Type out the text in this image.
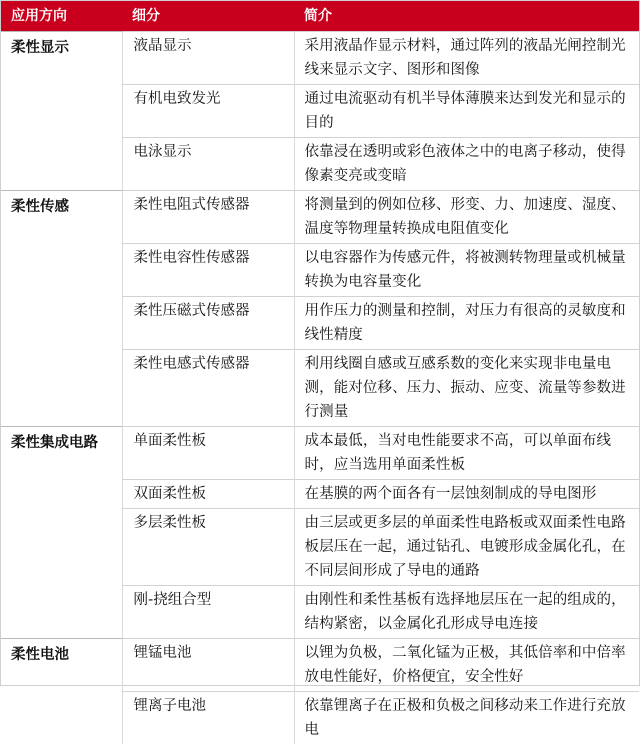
应用方向	细分	简介
柔性显示	液晶显示	采用液晶作显示材料，通过阵列的液晶光闸控制光线来显示文字、图形和图像
	有机电致发光	通过电流驱动有机半导体薄膜来达到发光和显示的目的
	电泳显示	依靠浸在透明或彩色液体之中的电离子移动，使得像素变亮或变暗
柔性传感	柔性电阻式传感器	将测量到的例如位移、形变、力、加速度、湿度、温度等物理量转换成电阻值变化
	柔性电容性传感器	以电容器作为传感元件，将被测转物理量或机械量转换为电容量变化
	柔性压磁式传感器	用作压力的测量和控制，对压力有很高的灵敏度和线性精度
	柔性电感式传感器	利用线圈自感或互感系数的变化来实现非电量电测，能对位移、压力、振动、应变、流量等参数进行测量
柔性集成电路	单面柔性板	成本最低，当对电性能要求不高，可以单面布线时，应当选用单面柔性板
	双面柔性板	在基膜的两个面各有一层蚀刻制成的导电图形
	多层柔性板	由三层或更多层的单面柔性电路板或双面柔性电路板层压在一起，通过钻孔、电镀形成金属化孔，在不同层间形成了导电的通路
	刚-挠组合型	由刚性和柔性基板有选择地层压在一起的组成的，结构紧密，以金属化孔形成导电连接
柔性电池	锂锰电池	以锂为负极，二氧化锰为正极，其低倍率和中倍率放电性能好，价格便宜，安全性好
	锂离子电池	依靠锂离子在正极和负极之间移动来工作进行充放电
